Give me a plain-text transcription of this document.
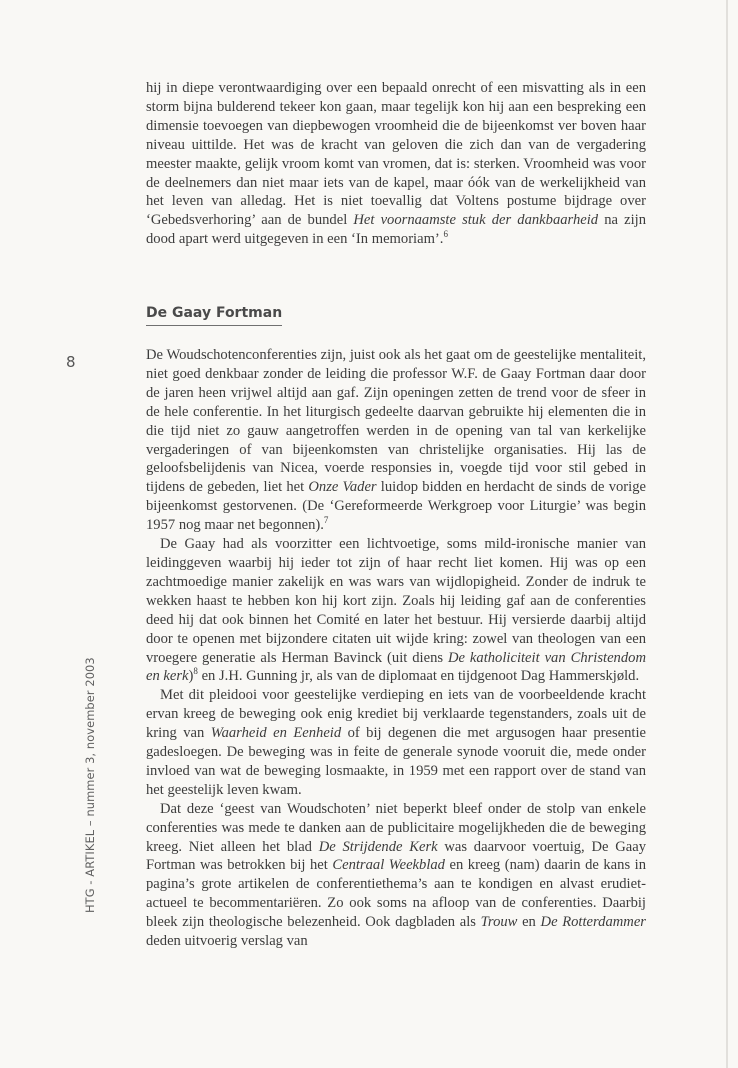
hij in diepe verontwaardiging over een bepaald onrecht of een misvatting als in een storm bijna bulderend tekeer kon gaan, maar tegelijk kon hij aan een bespreking een dimensie toevoegen van diepbewogen vroomheid die de bijeenkomst ver boven haar niveau uittilde. Het was de kracht van geloven die zich dan van de vergadering meester maakte, gelijk vroom komt van vromen, dat is: sterken. Vroomheid was voor de deelnemers dan niet maar iets van de kapel, maar óók van de werkelijkheid van het leven van alledag. Het is niet toevallig dat Voltens postume bijdrage over ‘Gebedsverhoring’ aan de bundel Het voornaamste stuk der dankbaarheid na zijn dood apart werd uitgegeven in een ‘In memoriam’.$^6$

De Gaay Fortman
8	De Woudschotenconferenties zijn, juist ook als het gaat om de geestelijke mentaliteit, niet goed denkbaar zonder de leiding die professor W.F. de Gaay Fortman daar door de jaren heen vrijwel altijd aan gaf. Zijn openingen zetten de trend voor de sfeer in de hele conferentie. In het liturgisch gedeelte daarvan gebruikte hij elementen die in die tijd niet zo gauw aangetroffen werden in de opening van tal van kerkelijke vergaderingen of van bijeenkomsten van christelijke organisaties. Hij las de geloofsbelijdenis van Nicea, voerde responsies in, voegde tijd voor stil gebed in tijdens de gebeden, liet het Onze Vader luidop bidden en herdacht de sinds de vorige bijeenkomst gestorvenen. (De ‘Gereformeerde Werkgroep voor Liturgie’ was begin 1957 nog maar net begonnen).$^7$

De Gaay had als voorzitter een lichtvoetige, soms mild-ironische manier van leidinggeven waarbij hij ieder tot zijn of haar recht liet komen. Hij was op een zachtmoedige manier zakelijk en was wars van wijdlopigheid. Zonder de indruk te wekken haast te hebben kon hij kort zijn. Zoals hij leiding gaf aan de conferenties deed hij dat ook binnen het Comité en later het bestuur. Hij versierde daarbij altijd door te openen met bijzondere citaten uit wijde kring: zowel van theologen van een vroegere generatie als Herman Bavinck (uit diens De katholiciteit van Christendom en kerk)$^8$ en J.H. Gunning jr, als van de diplomaat en tijdgenoot Dag Hammerskjøld.

Met dit pleidooi voor geestelijke verdieping en iets van de voorbeeldende kracht ervan kreeg de beweging ook enig krediet bij verklaarde tegenstanders, zoals uit de kring van Waarheid en Eenheid of bij degenen die met argusogen haar presentie gadesloegen. De beweging was in feite de generale synode vooruit die, mede onder invloed van wat de beweging losmaakte, in 1959 met een rapport over de stand van het geestelijk leven kwam.

Dat deze ‘geest van Woudschoten’ niet beperkt bleef onder de stolp van enkele conferenties was mede te danken aan de publicitaire mogelijkheden die de beweging kreeg. Niet alleen het blad De Strijdende Kerk was daarvoor voertuig, De Gaay Fortman was betrokken bij het Centraal Weekblad en kreeg (nam) daarin de kans in pagina’s grote artikelen de conferentiethema’s aan te kondigen en alvast erudiet-actueel te becommentariëren. Zo ook soms na afloop van de conferenties. Daarbij bleek zijn theologische belezenheid. Ook dagbladen als Trouw en De Rotterdammer deden uitvoerig verslag van

HTG - ARTIKEL – nummer 3, november 2003
